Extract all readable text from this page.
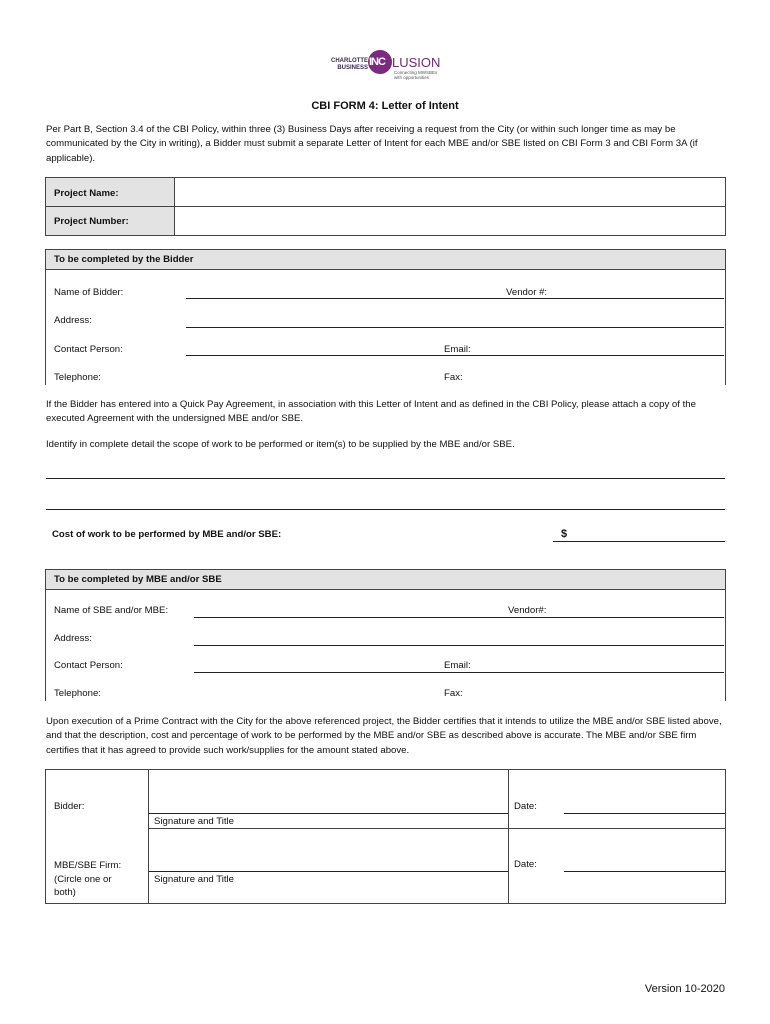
CHARLOTTE
BUSINESS INC LUSION
Connecting MWSBEs
with opportunities
CBI FORM 4: Letter of Intent
Per Part B, Section 3.4 of the CBI Policy, within three (3) Business Days after receiving a request from the City (or within such longer time as may be communicated by the City in writing), a Bidder must submit a separate Letter of Intent for each MBE and/or SBE listed on CBI Form 3 and CBI Form 3A (if applicable).
Project Name:
Project Number:
To be completed by the Bidder
Name of Bidder:	Vendor #:
Address:
Contact Person:	Email:
Telephone:	Fax:
If the Bidder has entered into a Quick Pay Agreement, in association with this Letter of Intent and as defined in the CBI Policy, please attach a copy of the executed Agreement with the undersigned MBE and/or SBE.
Identify in complete detail the scope of work to be performed or item(s) to be supplied by the MBE and/or SBE.
Cost of work to be performed by MBE and/or SBE:	$
To be completed by MBE and/or SBE
Name of SBE and/or MBE:	Vendor#:
Address:
Contact Person:	Email:
Telephone:	Fax:
Upon execution of a Prime Contract with the City for the above referenced project, the Bidder certifies that it intends to utilize the MBE and/or SBE listed above, and that the description, cost and percentage of work to be performed by the MBE and/or SBE as described above is accurate. The MBE and/or SBE firm certifies that it has agreed to provide such work/supplies for the amount stated above.
Bidder:
Signature and Title
Date:
MBE/SBE Firm:
(Circle one or
both)
Signature and Title
Date:
Version 10-2020
